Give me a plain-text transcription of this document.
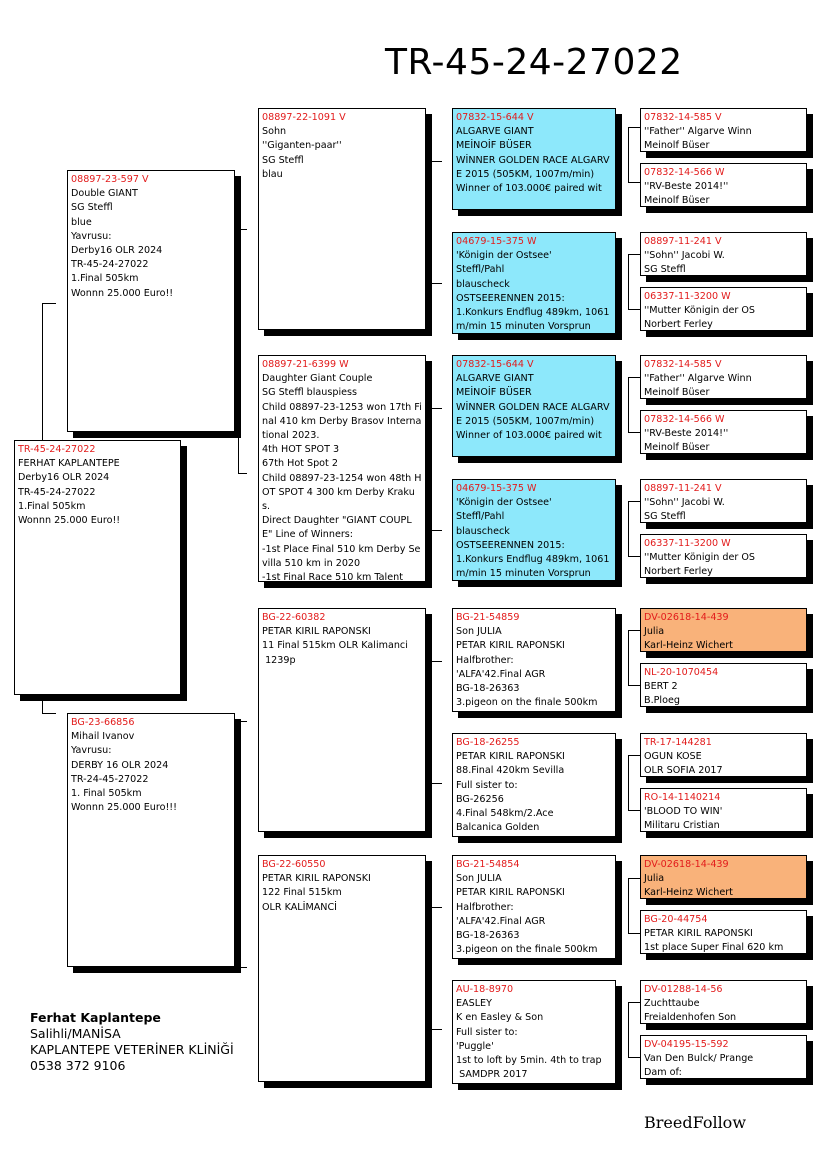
TR-45-24-27022
TR-45-24-27022
FERHAT KAPLANTEPE
Derby16 OLR 2024
TR-45-24-27022
1.Final 505km
Wonnn 25.000 Euro!!
08897-23-597 V
Double GIANT
SG Steffl
blue
Yavrusu:
Derby16 OLR 2024
TR-45-24-27022
1.Final 505km
Wonnn 25.000 Euro!!
BG-23-66856
Mihail Ivanov
Yavrusu:
DERBY 16 OLR 2024
TR-24-45-27022
1. Final 505km
Wonnn 25.000 Euro!!!
08897-22-1091 V
Sohn
''Giganten-paar''
SG Steffl
blau
08897-21-6399 W
Daughter Giant Couple
SG Steffl blauspiess
Child 08897-23-1253 won 17th Final 410 km Derby Brasov International 2023.
4th HOT SPOT 3
67th Hot Spot 2
Child 08897-23-1254 won 48th HOT SPOT 4 300 km Derby Krakus.
Direct Daughter "GIANT COUPLE" Line of Winners:
-1st Place Final 510 km Derby Sevilla 510 km in 2020
-1st Final Race 510 km Talent
BG-22-60382
PETAR KIRIL RAPONSKI
11 Final 515km OLR Kalimanci
1239p
BG-22-60550
PETAR KIRIL RAPONSKI
122 Final 515km
OLR KALİMANCİ
07832-15-644 V
ALGARVE GIANT
MEİNOİF BÜSER
WİNNER GOLDEN RACE ALGARVE 2015 (505KM, 1007m/min)
Winner of 103.000€ paired wit
04679-15-375 W
'Königin der Ostsee'
Steffl/Pahl
blauscheck
OSTSEERENNEN 2015:
1.Konkurs Endflug 489km, 1061m/min 15 minuten Vorsprun
07832-15-644 V
ALGARVE GIANT
MEİNOİF BÜSER
WİNNER GOLDEN RACE ALGARVE 2015 (505KM, 1007m/min)
Winner of 103.000€ paired wit
04679-15-375 W
'Königin der Ostsee'
Steffl/Pahl
blauscheck
OSTSEERENNEN 2015:
1.Konkurs Endflug 489km, 1061m/min 15 minuten Vorsprun
BG-21-54859
Son JULIA
PETAR KIRIL RAPONSKI
Halfbrother:
'ALFA'42.Final AGR
BG-18-26363
3.pigeon on the finale 500km
BG-18-26255
PETAR KIRIL RAPONSKI
88.Final 420km Sevilla
Full sister to:
BG-26256
4.Final 548km/2.Ace
Balcanica Golden
BG-21-54854
Son JULIA
PETAR KIRIL RAPONSKI
Halfbrother:
'ALFA'42.Final AGR
BG-18-26363
3.pigeon on the finale 500km
AU-18-8970
EASLEY
K en Easley & Son
Full sister to:
'Puggle'
1st to loft by 5min. 4th to trap
SAMDPR 2017
07832-14-585 V
''Father'' Algarve Winn
Meinolf Büser
07832-14-566 W
''RV-Beste 2014!''
Meinolf Büser
08897-11-241 V
''Sohn'' Jacobi W.
SG Steffl
06337-11-3200 W
''Mutter Königin der OS
Norbert Ferley
07832-14-585 V
''Father'' Algarve Winn
Meinolf Büser
07832-14-566 W
''RV-Beste 2014!''
Meinolf Büser
08897-11-241 V
''Sohn'' Jacobi W.
SG Steffl
06337-11-3200 W
''Mutter Königin der OS
Norbert Ferley
DV-02618-14-439
Julia
Karl-Heinz Wichert
NL-20-1070454
BERT 2
B.Ploeg
TR-17-144281
OGUN KOSE
OLR SOFIA 2017
RO-14-1140214
'BLOOD TO WIN'
Militaru Cristian
DV-02618-14-439
Julia
Karl-Heinz Wichert
BG-20-44754
PETAR KIRIL RAPONSKI
1st place Super Final 620 km
DV-01288-14-56
Zuchttaube
Freialdenhofen Son
DV-04195-15-592
Van Den Bulck/ Prange
Dam of:
Ferhat Kaplantepe
Salihli/MANİSA
KAPLANTEPE VETERİNER KLİNİĞİ
0538 372 9106
BreedFollow
